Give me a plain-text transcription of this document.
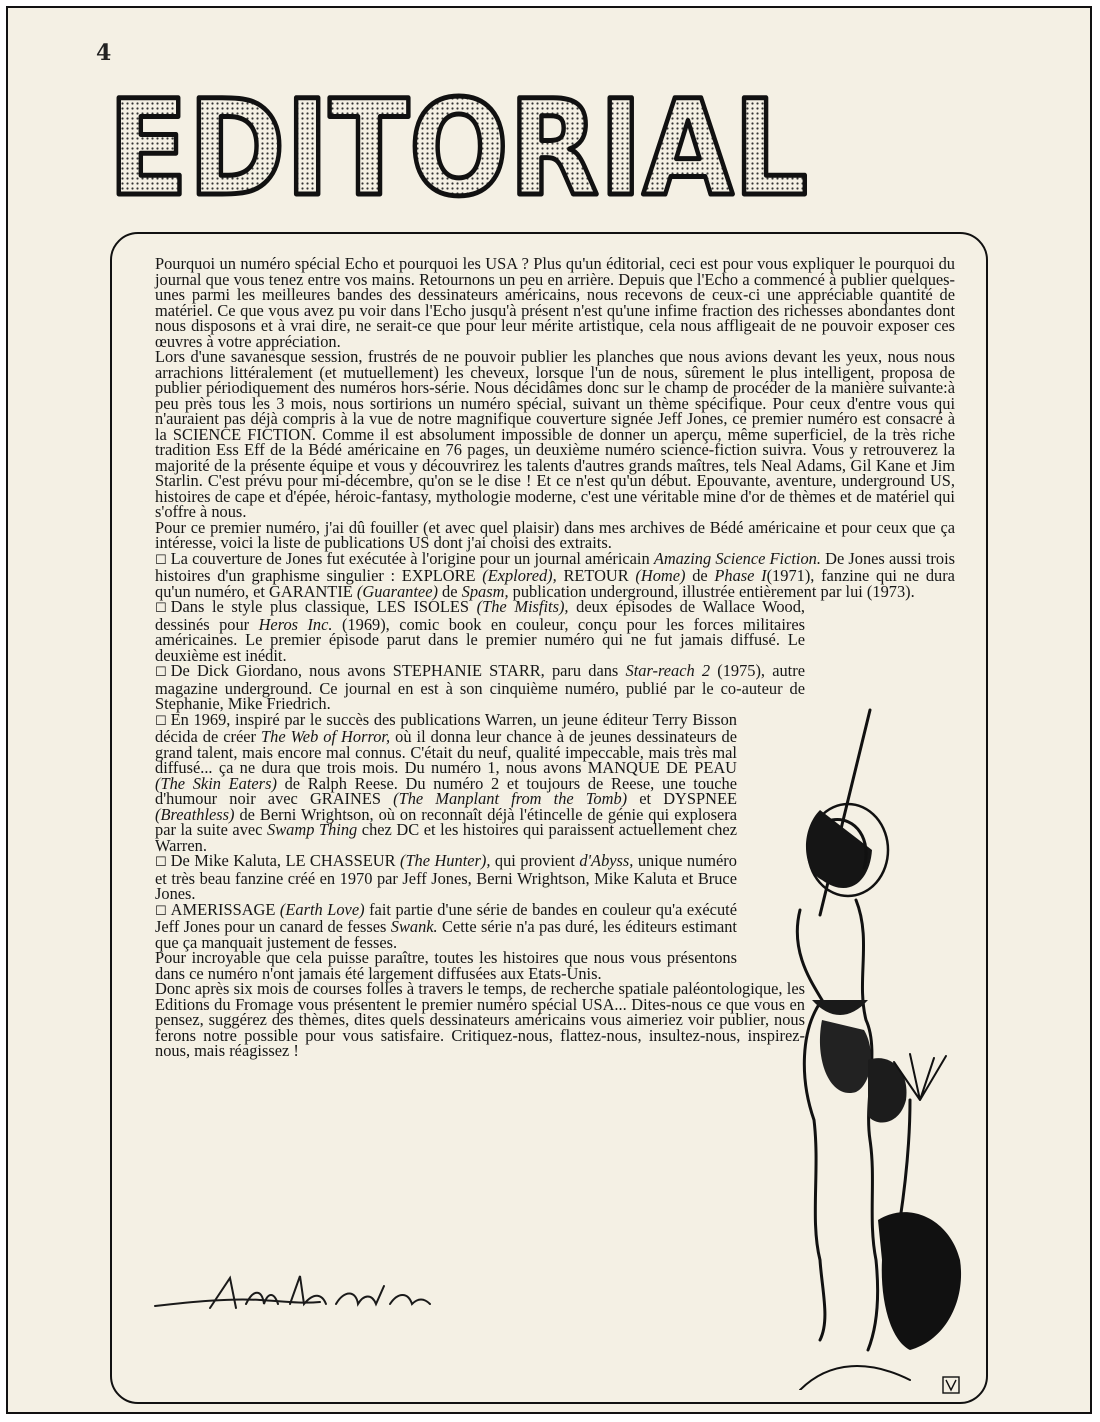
4
EDITORIAL

Pourquoi un numéro spécial Echo et pourquoi les USA ? Plus qu'un éditorial, ceci est pour vous expliquer le pourquoi du journal que vous tenez entre vos mains. Retournons un peu en arrière. Depuis que l'Echo a commencé à publier quelques-unes parmi les meilleures bandes des dessinateurs américains, nous recevons de ceux-ci une appréciable quantité de matériel. Ce que vous avez pu voir dans l'Echo jusqu'à présent n'est qu'une infime fraction des richesses abondantes dont nous disposons et à vrai dire, ne serait-ce que pour leur mérite artistique, cela nous affligeait de ne pouvoir exposer ces œuvres à votre appréciation.

Lors d'une savanesque session, frustrés de ne pouvoir publier les planches que nous avions devant les yeux, nous nous arrachions littéralement (et mutuellement) les cheveux, lorsque l'un de nous, sûrement le plus intelligent, proposa de publier périodiquement des numéros hors-série. Nous décidâmes donc sur le champ de procéder de la manière suivante:à peu près tous les 3 mois, nous sortirions un numéro spécial, suivant un thème spécifique. Pour ceux d'entre vous qui n'auraient pas déjà compris à la vue de notre magnifique couverture signée Jeff Jones, ce premier numéro est consacré à la SCIENCE FICTION. Comme il est absolument impossible de donner un aperçu, même superficiel, de la très riche tradition Ess Eff de la Bédé américaine en 76 pages, un deuxième numéro science-fiction suivra. Vous y retrouverez la majorité de la présente équipe et vous y découvrirez les talents d'autres grands maîtres, tels Neal Adams, Gil Kane et Jim Starlin. C'est prévu pour mi-décembre, qu'on se le dise ! Et ce n'est qu'un début. Epouvante, aventure, underground US, histoires de cape et d'épée, héroic-fantasy, mythologie moderne, c'est une véritable mine d'or de thèmes et de matériel qui s'offre à nous.

Pour ce premier numéro, j'ai dû fouiller (et avec quel plaisir) dans mes archives de Bédé américaine et pour ceux que ça intéresse, voici la liste de publications US dont j'ai choisi des extraits.

☐ La couverture de Jones fut exécutée à l'origine pour un journal américain Amazing Science Fiction. De Jones aussi trois histoires d'un graphisme singulier : EXPLORE (Explored), RETOUR (Home) de Phase I(1971), fanzine qui ne dura qu'un numéro, et GARANTIE (Guarantee) de Spasm, publication underground, illustrée entièrement par lui (1973).

☐ Dans le style plus classique, LES ISOLES (The Misfits), deux épisodes de Wallace Wood, dessinés pour Heros Inc. (1969), comic book en couleur, conçu pour les forces militaires américaines. Le premier épisode parut dans le premier numéro qui ne fut jamais diffusé. Le deuxième est inédit.

☐ De Dick Giordano, nous avons STEPHANIE STARR, paru dans Star-reach 2 (1975), autre magazine underground. Ce journal en est à son cinquième numéro, publié par le co-auteur de Stephanie, Mike Friedrich.

☐ En 1969, inspiré par le succès des publications Warren, un jeune éditeur Terry Bisson décida de créer The Web of Horror, où il donna leur chance à de jeunes dessinateurs de grand talent, mais encore mal connus. C'était du neuf, qualité impeccable, mais très mal diffusé... ça ne dura que trois mois. Du numéro 1, nous avons MANQUE DE PEAU (The Skin Eaters) de Ralph Reese. Du numéro 2 et toujours de Reese, une touche d'humour noir avec GRAINES (The Manplant from the Tomb) et DYSPNEE (Breathless) de Berni Wrightson, où on reconnaît déjà l'étincelle de génie qui explosera par la suite avec Swamp Thing chez DC et les histoires qui paraissent actuellement chez Warren.

☐ De Mike Kaluta, LE CHASSEUR (The Hunter), qui provient d'Abyss, unique numéro et très beau fanzine créé en 1970 par Jeff Jones, Berni Wrightson, Mike Kaluta et Bruce Jones.

☐ AMERISSAGE (Earth Love) fait partie d'une série de bandes en couleur qu'a exécuté Jeff Jones pour un canard de fesses Swank. Cette série n'a pas duré, les éditeurs estimant que ça manquait justement de fesses.

Pour incroyable que cela puisse paraître, toutes les histoires que nous vous présentons dans ce numéro n'ont jamais été largement diffusées aux Etats-Unis.

Donc après six mois de courses folles à travers le temps, de recherche spatiale paléontologique, les Editions du Fromage vous présentent le premier numéro spécial USA... Dites-nous ce que vous en pensez, suggérez des thèmes, dites quels dessinateurs américains vous aimeriez voir publier, nous ferons notre possible pour vous satisfaire. Critiquez-nous, flattez-nous, insultez-nous, inspirez-nous, mais réagissez !
